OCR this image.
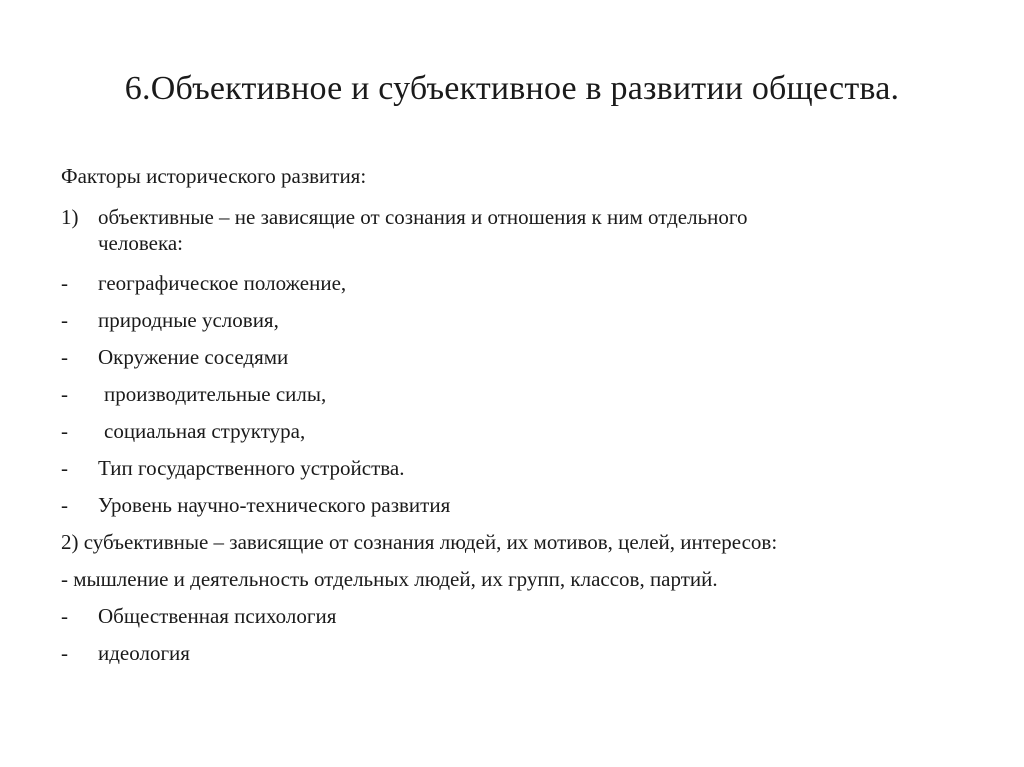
6.Объективное и субъективное в развитии общества.
Факторы исторического развития:
1) объективные – не зависящие от сознания и отношения к ним отдельного
человека:
- географическое положение,
- природные условия,
- Окружение соседями
- производительные силы,
- социальная структура,
- Тип государственного устройства.
- Уровень научно-технического развития
2) субъективные – зависящие от сознания людей, их мотивов, целей, интересов:
- мышление и деятельность отдельных людей, их групп, классов, партий.
- Общественная психология
- идеология
